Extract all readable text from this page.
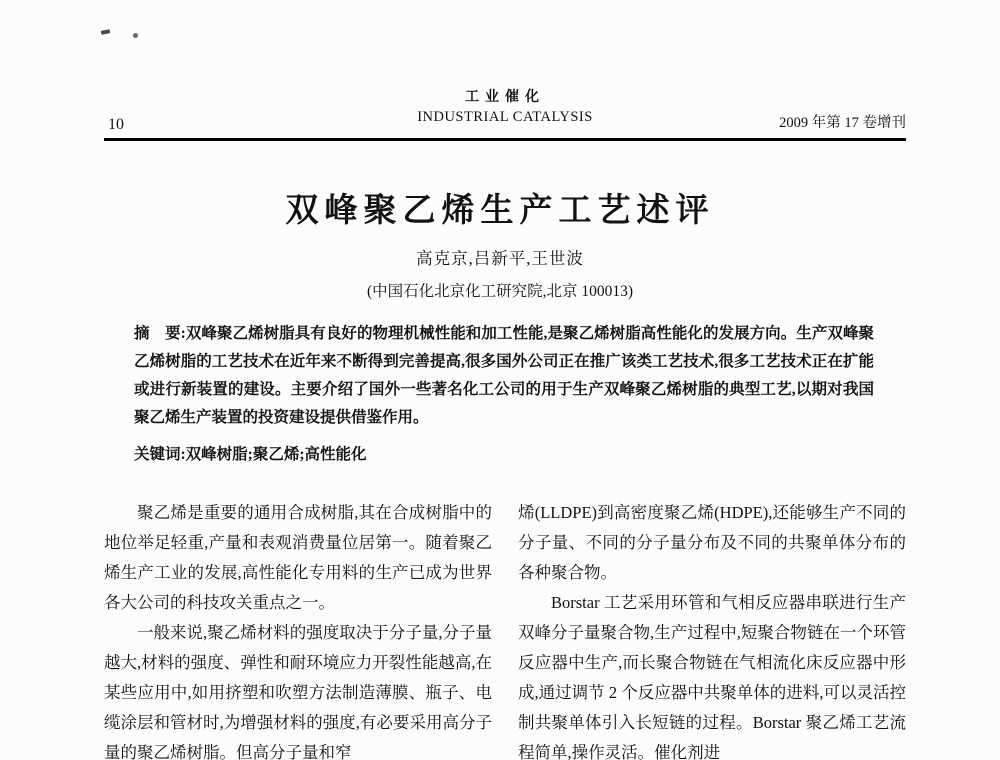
工业催化
INDUSTRIAL CATALYSIS
10	2009 年第 17 卷增刊
双峰聚乙烯生产工艺述评
高克京,吕新平,王世波
(中国石化北京化工研究院,北京 100013)

摘　要:双峰聚乙烯树脂具有良好的物理机械性能和加工性能,是聚乙烯树脂高性能化的发展方向。生产双峰聚乙烯树脂的工艺技术在近年来不断得到完善提高,很多国外公司正在推广该类工艺技术,很多工艺技术正在扩能或进行新装置的建设。主要介绍了国外一些著名化工公司的用于生产双峰聚乙烯树脂的典型工艺,以期对我国聚乙烯生产装置的投资建设提供借鉴作用。

关键词:双峰树脂;聚乙烯;高性能化

聚乙烯是重要的通用合成树脂,其在合成树脂中的地位举足轻重,产量和表观消费量位居第一。随着聚乙烯生产工业的发展,高性能化专用料的生产已成为世界各大公司的科技攻关重点之一。

一般来说,聚乙烯材料的强度取决于分子量,分子量越大,材料的强度、弹性和耐环境应力开裂性能越高,在某些应用中,如用挤塑和吹塑方法制造薄膜、瓶子、电缆涂层和管材时,为增强材料的强度,有必要采用高分子量的聚乙烯树脂。但高分子量和窄

烯(LLDPE)到高密度聚乙烯(HDPE),还能够生产不同的分子量、不同的分子量分布及不同的共聚单体分布的各种聚合物。

Borstar 工艺采用环管和气相反应器串联进行生产双峰分子量聚合物,生产过程中,短聚合物链在一个环管反应器中生产,而长聚合物链在气相流化床反应器中形成,通过调节 2 个反应器中共聚单体的进料,可以灵活控制共聚单体引入长短链的过程。Borstar 聚乙烯工艺流程简单,操作灵活。催化剂进
